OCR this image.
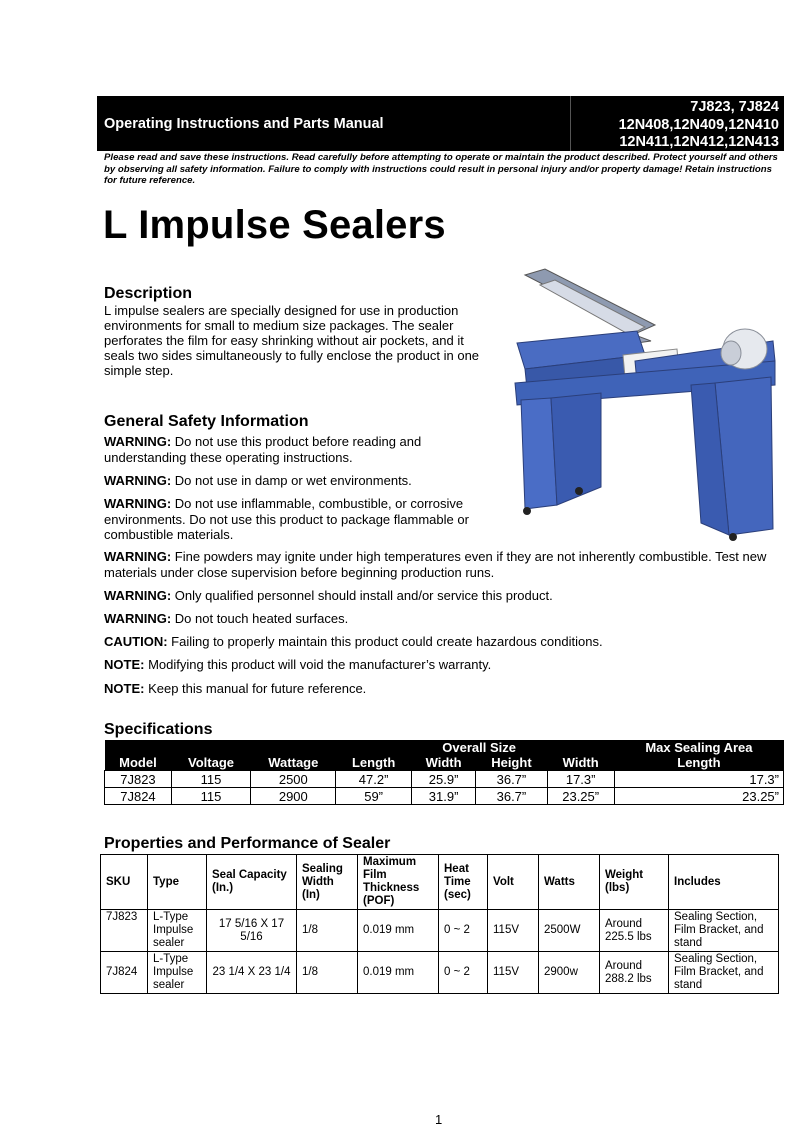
Operating Instructions and Parts Manual
7J823, 7J824
12N408,12N409,12N410
12N411,12N412,12N413
Please read and save these instructions. Read carefully before attempting to operate or maintain the product described. Protect yourself and others by observing all safety information. Failure to comply with instructions could result in personal injury and/or property damage! Retain instructions for future reference.
L Impulse Sealers
Description
L impulse sealers are specially designed for use in production environments for small to medium size packages. The sealer perforates the film for easy shrinking without air pockets, and it seals two sides simultaneously to fully enclose the product in one simple step.
General Safety Information
WARNING: Do not use this product before reading and understanding these operating instructions.
WARNING: Do not use in damp or wet environments.
WARNING: Do not use inflammable, combustible, or corrosive environments. Do not use this product to package flammable or combustible materials.
WARNING: Fine powders may ignite under high temperatures even if they are not inherently combustible. Test new materials under close supervision before beginning production runs.
WARNING: Only qualified personnel should install and/or service this product.
WARNING: Do not touch heated surfaces.
CAUTION: Failing to properly maintain this product could create hazardous conditions.
NOTE: Modifying this product will void the manufacturer’s warranty.
NOTE: Keep this manual for future reference.
Specifications
				Overall Size			Max Sealing Area
Model	Voltage	Wattage	Length	Width	Height	Width	Length
7J823	115	2500	47.2”	25.9”	36.7”	17.3”	17.3”
7J824	115	2900	59”	31.9”	36.7”	23.25”	23.25”
Properties and Performance of Sealer
SKU	Type	Seal Capacity (In.)	Sealing Width (In)	Maximum Film Thickness (POF)	Heat Time (sec)	Volt	Watts	Weight (lbs)	Includes
7J823	L-Type Impulse sealer	17 5/16 X 17 5/16	1/8	0.019 mm	0 ~ 2	115V	2500W	Around 225.5 lbs	Sealing Section, Film Bracket, and stand
7J824	L-Type Impulse sealer	23 1/4 X 23 1/4	1/8	0.019 mm	0 ~ 2	115V	2900w	Around 288.2 lbs	Sealing Section, Film Bracket, and stand
1
